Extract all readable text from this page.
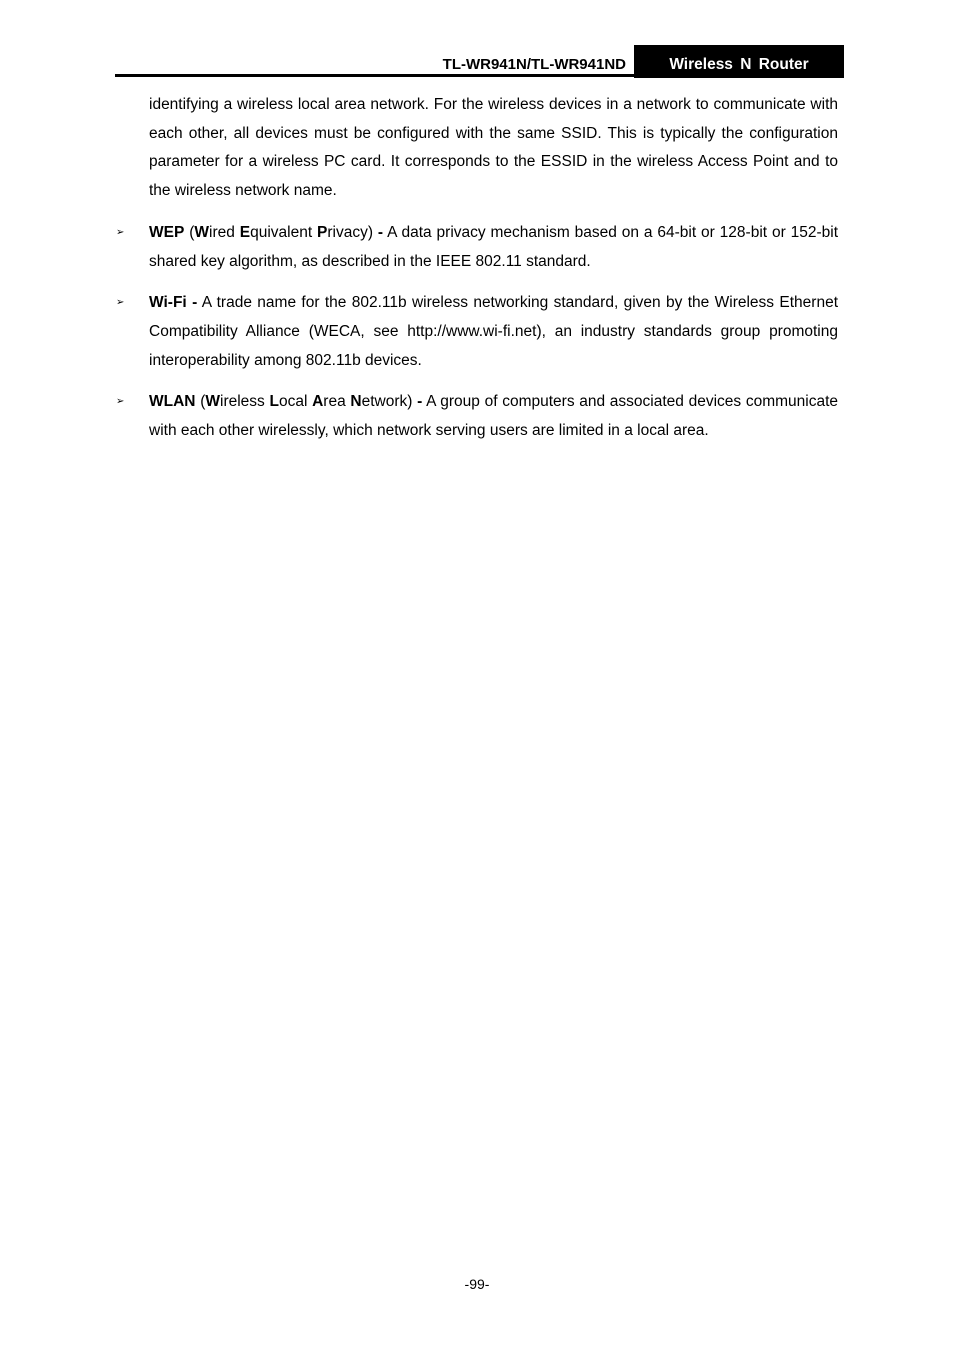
TL-WR941N/TL-WR941ND	Wireless N Router

identifying a wireless local area network. For the wireless devices in a network to communicate with each other, all devices must be configured with the same SSID. This is typically the configuration parameter for a wireless PC card. It corresponds to the ESSID in the wireless Access Point and to the wireless network name.

➢ WEP (Wired Equivalent Privacy) - A data privacy mechanism based on a 64-bit or 128-bit or 152-bit shared key algorithm, as described in the IEEE 802.11 standard.

➢ Wi-Fi - A trade name for the 802.11b wireless networking standard, given by the Wireless Ethernet Compatibility Alliance (WECA, see http://www.wi-fi.net), an industry standards group promoting interoperability among 802.11b devices.

➢ WLAN (Wireless Local Area Network) - A group of computers and associated devices communicate with each other wirelessly, which network serving users are limited in a local area.

-99-
